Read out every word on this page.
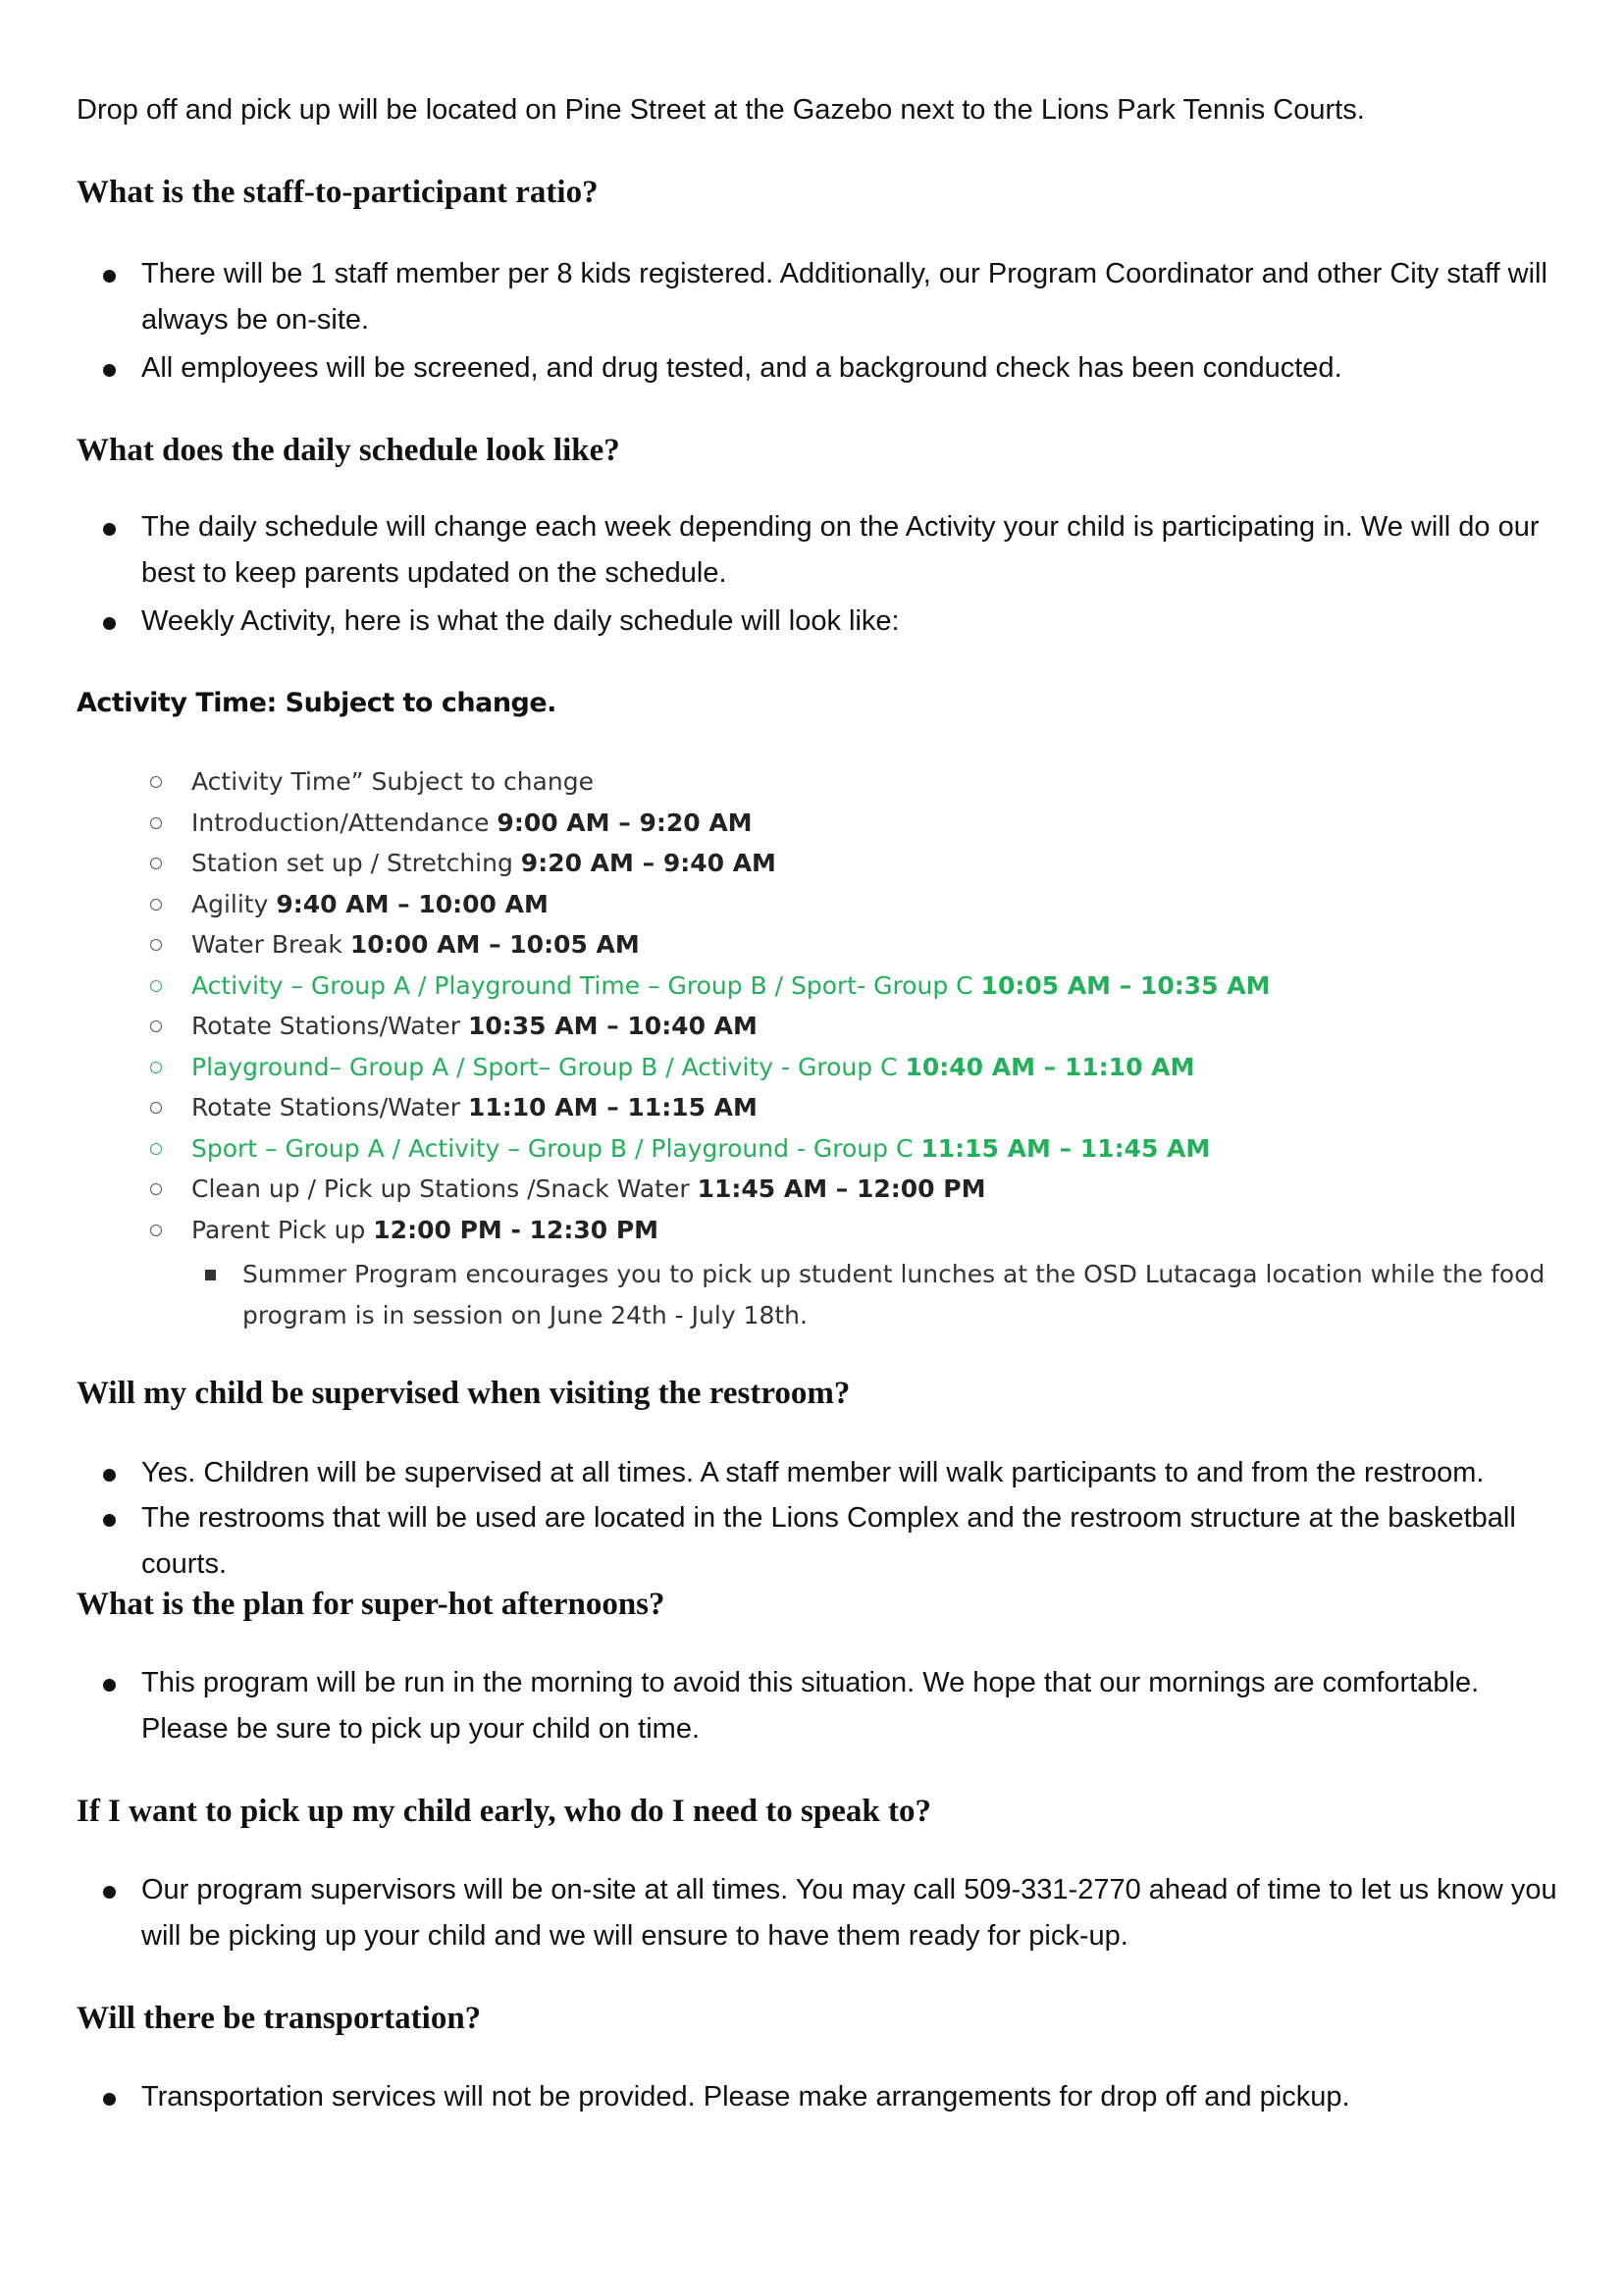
Drop off and pick up will be located on Pine Street at the Gazebo next to the Lions Park Tennis Courts.
What is the staff-to-participant ratio?
There will be 1 staff member per 8 kids registered. Additionally, our Program Coordinator and other City staff will always be on-site.
All employees will be screened, and drug tested, and a background check has been conducted.
What does the daily schedule look like?
The daily schedule will change each week depending on the Activity your child is participating in. We will do our best to keep parents updated on the schedule.
Weekly Activity, here is what the daily schedule will look like:
Activity Time: Subject to change.
Activity Time” Subject to change
Introduction/Attendance 9:00 AM – 9:20 AM
Station set up / Stretching 9:20 AM – 9:40 AM
Agility 9:40 AM – 10:00 AM
Water Break 10:00 AM – 10:05 AM
Activity – Group A / Playground Time – Group B / Sport- Group C 10:05 AM – 10:35 AM
Rotate Stations/Water 10:35 AM – 10:40 AM
Playground– Group A / Sport– Group B / Activity - Group C 10:40 AM – 11:10 AM
Rotate Stations/Water 11:10 AM – 11:15 AM
Sport – Group A / Activity – Group B / Playground - Group C 11:15 AM – 11:45 AM
Clean up / Pick up Stations /Snack Water 11:45 AM – 12:00 PM
Parent Pick up 12:00 PM - 12:30 PM
Summer Program encourages you to pick up student lunches at the OSD Lutacaga location while the food program is in session on June 24th - July 18th.
Will my child be supervised when visiting the restroom?
Yes. Children will be supervised at all times. A staff member will walk participants to and from the restroom.
The restrooms that will be used are located in the Lions Complex and the restroom structure at the basketball courts.
What is the plan for super-hot afternoons?
This program will be run in the morning to avoid this situation. We hope that our mornings are comfortable. Please be sure to pick up your child on time.
If I want to pick up my child early, who do I need to speak to?
Our program supervisors will be on-site at all times. You may call 509-331-2770 ahead of time to let us know you will be picking up your child and we will ensure to have them ready for pick-up.
Will there be transportation?
Transportation services will not be provided. Please make arrangements for drop off and pickup.
